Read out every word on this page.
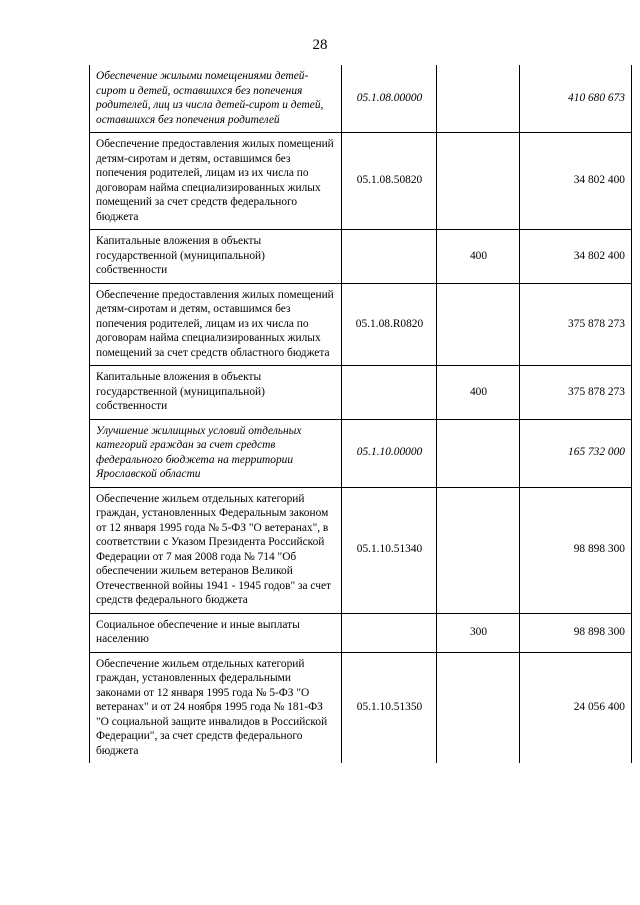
28
Обеспечение жилыми помещениями детей-сирот и детей, оставшихся без попечения родителей, лиц из числа детей-сирот и детей, оставшихся без попечения родителей	05.1.08.00000		410 680 673
Обеспечение предоставления жилых помещений детям-сиротам и детям, оставшимся без попечения родителей, лицам из их числа по договорам найма специализированных жилых помещений за счет средств федерального бюджета	05.1.08.50820		34 802 400
Капитальные вложения в объекты государственной (муниципальной) собственности		400	34 802 400
Обеспечение предоставления жилых помещений детям-сиротам и детям, оставшимся без попечения родителей, лицам из их числа по договорам найма специализированных жилых помещений за счет средств областного бюджета	05.1.08.R0820		375 878 273
Капитальные вложения в объекты государственной (муниципальной) собственности		400	375 878 273
Улучшение жилищных условий отдельных категорий граждан за счет средств федерального бюджета на территории Ярославской области	05.1.10.00000		165 732 000
Обеспечение жильем отдельных категорий граждан, установленных Федеральным законом от 12 января 1995 года № 5-ФЗ "О ветеранах", в соответствии с Указом Президента Российской Федерации от 7 мая 2008 года № 714 "Об обеспечении жильем ветеранов Великой Отечественной войны 1941 - 1945 годов" за счет средств федерального бюджета	05.1.10.51340		98 898 300
Социальное обеспечение и иные выплаты населению		300	98 898 300
Обеспечение жильем отдельных категорий граждан, установленных федеральными законами от 12 января 1995 года № 5-ФЗ "О ветеранах" и от 24 ноября 1995 года № 181-ФЗ "О социальной защите инвалидов в Российской Федерации", за счет средств федерального бюджета	05.1.10.51350		24 056 400
